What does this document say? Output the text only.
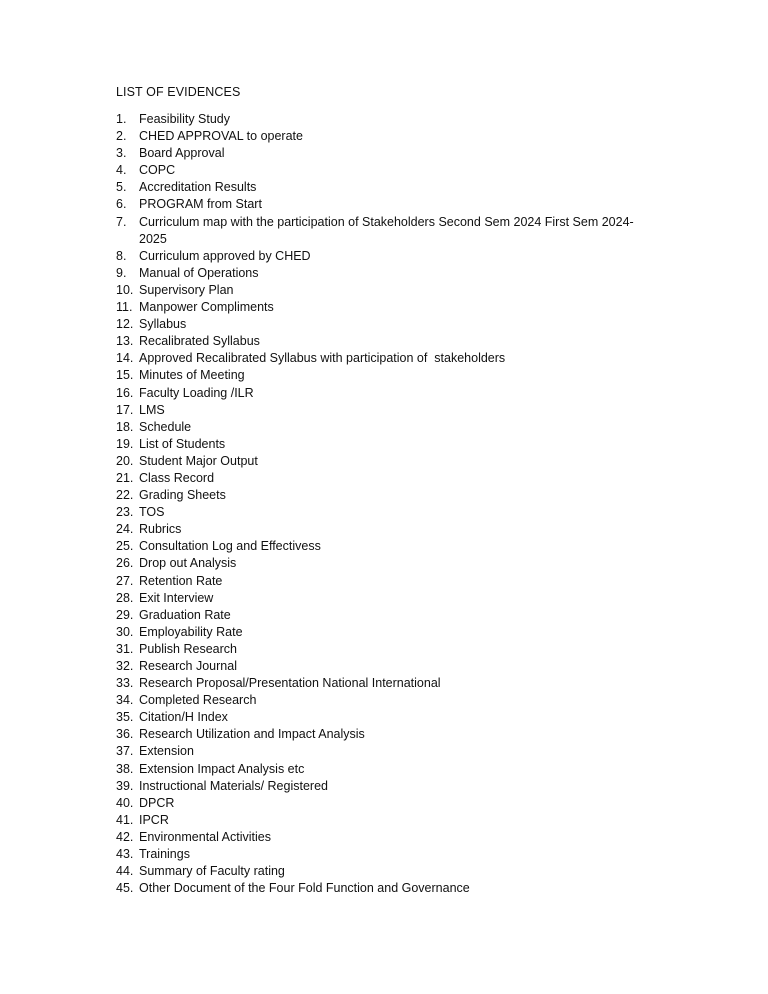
LIST OF EVIDENCES
1.	Feasibility Study
2.	CHED APPROVAL to operate
3.	Board Approval
4.	COPC
5.	Accreditation Results
6.	PROGRAM from Start
7.	Curriculum map with the participation of Stakeholders Second Sem 2024 First Sem 2024-
2025
8.	Curriculum approved by CHED
9.	Manual of Operations
10. Supervisory Plan
11. Manpower Compliments
12. Syllabus
13. Recalibrated Syllabus
14. Approved Recalibrated Syllabus with participation of  stakeholders
15. Minutes of Meeting
16. Faculty Loading /ILR
17. LMS
18. Schedule
19. List of Students
20. Student Major Output
21. Class Record
22. Grading Sheets
23. TOS
24. Rubrics
25. Consultation Log and Effectivess
26. Drop out Analysis
27. Retention Rate
28. Exit Interview
29. Graduation Rate
30. Employability Rate
31. Publish Research
32. Research Journal
33. Research Proposal/Presentation National International
34. Completed Research
35. Citation/H Index
36. Research Utilization and Impact Analysis
37. Extension
38. Extension Impact Analysis etc
39. Instructional Materials/ Registered
40. DPCR
41. IPCR
42. Environmental Activities
43. Trainings
44. Summary of Faculty rating
45. Other Document of the Four Fold Function and Governance
